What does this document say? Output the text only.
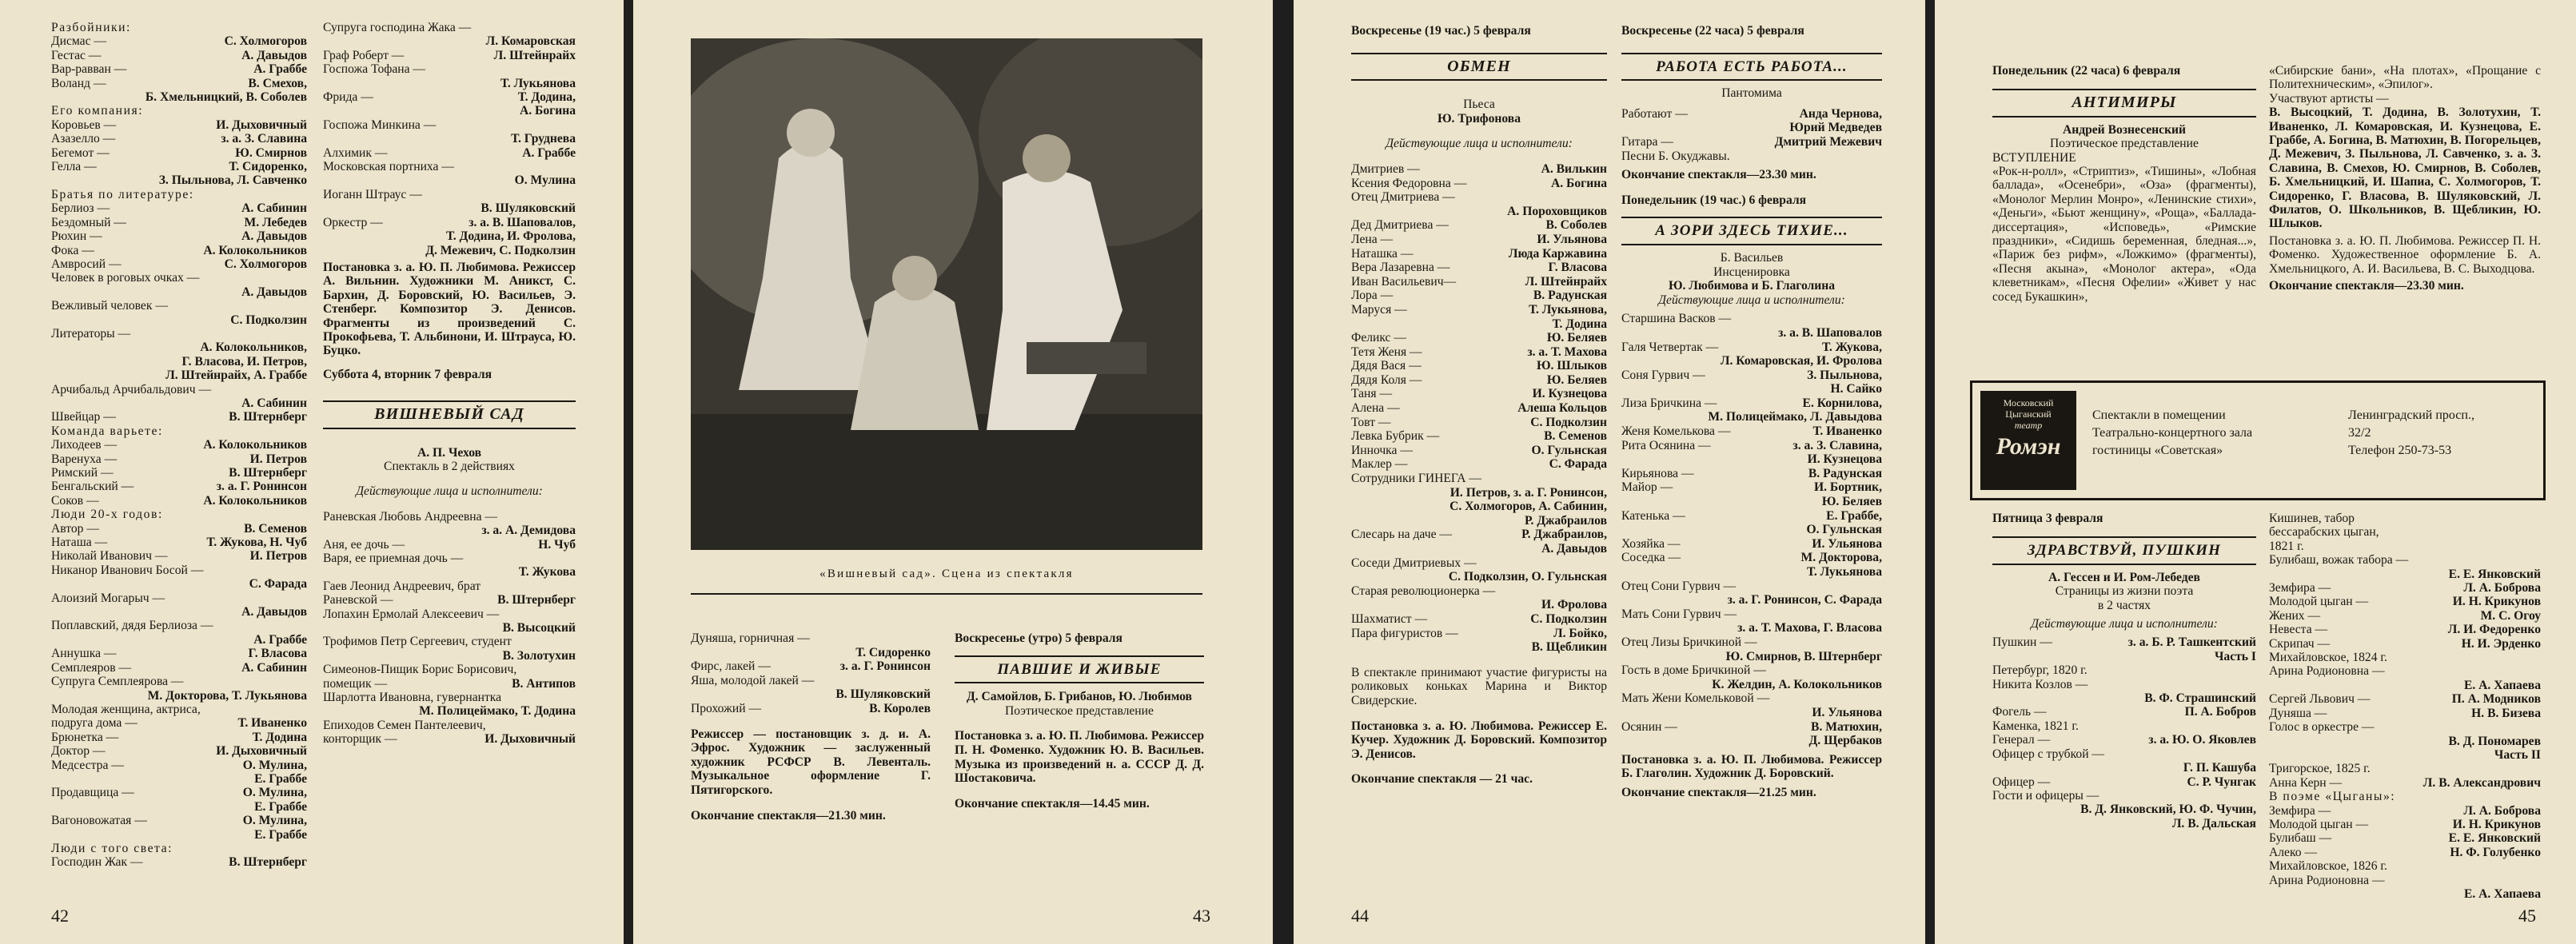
Разбойники:
Дисмас —	С. Холмогоров
Гестас —	А. Давыдов
Вар-равван —	А. Граббе
Воланд —	В. Смехов,
Б. Хмельницкий, В. Соболев
Его компания:
Коровьев —	И. Дыховичный
Азазелло —	з. а. З. Славина
Бегемот —	Ю. Смирнов
Гелла —	Т. Сидоренко,
З. Пыльнова, Л. Савченко
Братья по литературе:
Берлиоз —	А. Сабинин
Бездомный —	М. Лебедев
Рюхин —	А. Давыдов
Фока —	А. Колокольников
Амвросий —	С. Холмогоров
Человек в роговых очках —
А. Давыдов
Вежливый человек —
С. Подколзин
Литераторы —
А. Колокольников,
Г. Власова, И. Петров,
Л. Штейнрайх, А. Граббе
Арчибальд Арчибальдович —
А. Сабинин
Швейцар —	В. Штернберг
Команда варьете:
Лиходеев —	А. Колокольников
Варенуха —	И. Петров
Римский —	В. Штернберг
Бенгальский —	з. а. Г. Ронинсон
Соков —	А. Колокольников
Люди 20-х годов:
Автор —	В. Семенов
Наташа —	Т. Жукова, Н. Чуб
Николай Иванович —	И. Петров
Никанор Иванович Босой —
С. Фарада
Алоизий Могарыч —
А. Давыдов
Поплавский, дядя Берлиоза —
А. Граббе
Аннушка —	Г. Власова
Семплеяров —	А. Сабинин
Супруга Семплеярова —
М. Докторова, Т. Лукьянова
Молодая женщина, актриса,
подруга дома —	Т. Иваненко
Брюнетка —	Т. Додина
Доктор —	И. Дыховичный
Медсестра —	О. Мулина,
Е. Граббе
Продавщица —	О. Мулина,
Е. Граббе
Вагоновожатая —	О. Мулина,
Е. Граббе
Люди с того света:
Господин Жак —	В. Штернберг
Супруга господина Жака —
Л. Комаровская
Граф Роберт —	Л. Штейнрайх
Госпожа Тофана —
Т. Лукьянова
Фрида —	Т. Додина,
А. Богина
Госпожа Минкина —
Т. Груднева
Алхимик —	А. Граббе
Московская портниха —
О. Мулина
Иоганн Штраус —
В. Шуляковский
Оркестр —	з. а. В. Шаповалов,
Т. Додина, И. Фролова,
Д. Межевич, С. Подколзин
Постановка з. а. Ю. П. Любимова. Режиссер А. Вильнин. Художники М. Аникст, С. Бархин, Д. Боровский, Ю. Васильев, Э. Стенберг. Композитор Э. Денисов. Фрагменты из произведений С. Прокофьева, Т. Альбинони, И. Штрауса, Ю. Буцко.
Суббота 4, вторник 7 февраля
ВИШНЕВЫЙ САД
А. П. Чехов
Спектакль в 2 действиях
Действующие лица и исполнители:
Раневская Любовь Андреевна —
з. а. А. Демидова
Аня, ее дочь —	Н. Чуб
Варя, ее приемная дочь —
Т. Жукова
Гаев Леонид Андреевич, брат
Раневской —	В. Штернберг
Лопахин Ермолай Алексеевич —
В. Высоцкий
Трофимов Петр Сергеевич, студент
В. Золотухин
Симеонов-Пищик Борис Борисович,
помещик —	В. Антипов
Шарлотта Ивановна, гувернантка
М. Полицеймако, Т. Додина
Епиходов Семен Пантелеевич,
конторщик —	И. Дыховичный
42
«Вишневый сад». Сцена из спектакля
Дуняша, горничная —
Т. Сидоренко
Фирс, лакей —	з. а. Г. Ронинсон
Яша, молодой лакей —
В. Шуляковский
Прохожий —	В. Королев
Режиссер — постановщик з. д. и. А. Эфрос. Художник — заслуженный художник РСФСР В. Левенталь. Музыкальное оформление Г. Пятигорского.
Окончание спектакля—21.30 мин.
Воскресенье (утро) 5 февраля
ПАВШИЕ И ЖИВЫЕ
Д. Самойлов, Б. Грибанов, Ю. Любимов
Поэтическое представление
Постановка з. а. Ю. П. Любимова. Режиссер П. Н. Фоменко. Художник Ю. В. Васильев. Музыка из произведений н. а. СССР Д. Д. Шостаковича.
Окончание спектакля—14.45 мин.
43
Воскресенье (19 час.) 5 февраля
ОБМЕН
Пьеса
Ю. Трифонова
Действующие лица и исполнители:
Дмитриев —	А. Вилькин
Ксения Федоровна —	А. Богина
Отец Дмитриева —
А. Пороховщиков
Дед Дмитриева —	В. Соболев
Лена —	И. Ульянова
Наташка —	Люда Каржавина
Вера Лазаревна —	Г. Власова
Иван Васильевич—	Л. Штейнрайх
Лора —	В. Радунская
Маруся —	Т. Лукьянова,
Т. Додина
Феликс —	Ю. Беляев
Тетя Женя —	з. а. Т. Махова
Дядя Вася —	Ю. Шлыков
Дядя Коля —	Ю. Беляев
Таня —	И. Кузнецова
Алена —	Алеша Кольцов
Товт —	С. Подколзин
Левка Бубрик —	В. Семенов
Инночка —	О. Гульнская
Маклер —	С. Фарада
Сотрудники ГИНЕГА —
И. Петров, з. а. Г. Ронинсон,
С. Холмогоров, А. Сабинин,
Р. Джабраилов
Слесарь на даче —	Р. Джабраилов,
А. Давыдов
Соседи Дмитриевых —
С. Подколзин, О. Гульнская
Старая революционерка —
И. Фролова
Шахматист —	С. Подколзин
Пара фигуристов —	Л. Бойко,
В. Щебликин
В спектакле принимают участие фигуристы на роликовых коньках Марина и Виктор Свидерские.
Постановка з. а. Ю. Любимова. Режиссер Е. Кучер. Художник Д. Боровский. Композитор Э. Денисов.
Окончание спектакля — 21 час.
Воскресенье (22 часа) 5 февраля
РАБОТА ЕСТЬ РАБОТА...
Пантомима
Работают —	Анда Чернова,
Юрий Медведев
Гитара —	Дмитрий Межевич
Песни Б. Окуджавы.
Окончание спектакля—23.30 мин.
Понедельник (19 час.) 6 февраля
А ЗОРИ ЗДЕСЬ ТИХИЕ...
Б. Васильев
Инсценировка
Ю. Любимова и Б. Глаголина
Действующие лица и исполнители:
Старшина Васков —
з. а. В. Шаповалов
Галя Четвертак —	Т. Жукова,
Л. Комаровская, И. Фролова
Соня Гурвич —	З. Пыльнова,
Н. Сайко
Лиза Бричкина —	Е. Корнилова,
М. Полицеймако, Л. Давыдова
Женя Комелькова —	Т. Иваненко
Рита Осянина —	з. а. З. Славина,
И. Кузнецова
Кирьянова —	В. Радунская
Майор —	И. Бортник,
Ю. Беляев
Катенька —	Е. Граббе,
О. Гульнская
Хозяйка —	И. Ульянова
Соседка —	М. Докторова,
Т. Лукьянова
Отец Сони Гурвич —
з. а. Г. Ронинсон, С. Фарада
Мать Сони Гурвич —
з. а. Т. Махова, Г. Власова
Отец Лизы Бричкиной —
Ю. Смирнов, В. Штернберг
Гость в доме Бричкиной —
К. Желдин, А. Колокольников
Мать Жени Комельковой —
И. Ульянова
Осянин —	В. Матюхин,
Д. Щербаков
Постановка з. а. Ю. П. Любимова. Режиссер Б. Глаголин. Художник Д. Боровский.
Окончание спектакля—21.25 мин.
44
Понедельник (22 часа) 6 февраля
АНТИМИРЫ
Андрей Вознесенский
Поэтическое представление
ВСТУПЛЕНИЕ
«Рок-н-ролл», «Стриптиз», «Тишины», «Лобная баллада», «Осенебри», «Оза» (фрагменты), «Монолог Мерлин Монро», «Ленинские стихи», «Деньги», «Бьют женщину», «Роща», «Баллада-диссертация», «Исповедь», «Римские праздники», «Сидишь беременная, бледная...», «Париж без рифм», «Ложкимо» (фрагменты), «Песня акына», «Монолог актера», «Ода клеветникам», «Песня Офелии» «Живет у нас сосед Букашкин»,
«Сибирские бани», «На плотах», «Прощание с Политехническим», «Эпилог».
Участвуют артисты —
В. Высоцкий, Т. Додина, В. Золотухин, Т. Иваненко, Л. Комаровская, И. Кузнецова, Е. Граббе, А. Богина, В. Матюхин, В. Погорельцев, Д. Межевич, З. Пыльнова, Л. Савченко, з. а. З. Славина, В. Смехов, Ю. Смирнов, В. Соболев, Б. Хмельницкий, И. Шапиа, С. Холмогоров, Т. Сидоренко, Г. Власова, В. Шуляковский, Л. Филатов, О. Школьников, В. Щебликин, Ю. Шлыков.
Постановка з. а. Ю. П. Любимова. Режиссер П. Н. Фоменко. Художественное оформление Б. А. Хмельницкого, А. И. Васильева, В. С. Выходцова.
Окончание спектакля—23.30 мин.
Московский
Цыганский
театр
Ромэн
Спектакли в помещении
Театрально-концертного зала
гостиницы «Советская»
Ленинградский просп.,
32/2
Телефон 250-73-53
Пятница 3 февраля
ЗДРАВСТВУЙ, ПУШКИН
А. Гессен и И. Ром-Лебедев
Страницы из жизни поэта
в 2 частях
Действующие лица и исполнители:
Пушкин —	з. а. Б. Р. Ташкентский
Часть I
Петербург, 1820 г.
Никита Козлов —
В. Ф. Страшинский
Фогель —	П. А. Бобров
Каменка, 1821 г.
Генерал —	з. а. Ю. О. Яковлев
Офицер с трубкой —
Г. П. Кашуба
Офицер —	С. Р. Чунгак
Гости и офицеры —
В. Д. Янковский, Ю. Ф. Чучин,
Л. В. Дальская
Кишинев, табор
бессарабских цыган,
1821 г.
Булибаш, вожак табора —
Е. Е. Янковский
Земфира —	Л. А. Боброва
Молодой цыган —	И. Н. Крикунов
Жених —	М. С. Огоу
Невеста —	Л. И. Федоренко
Скрипач —	Н. И. Эрденко
Михайловское, 1824 г.
Арина Родионовна —
Е. А. Хапаева
Сергей Львович —	П. А. Модников
Дуняша —	Н. В. Бизева
Голос в оркестре —
В. Д. Пономарев
Часть II
Тригорское, 1825 г.
Анна Керн —	Л. В. Александрович
В поэме «Цыганы»:
Земфира —	Л. А. Боброва
Молодой цыган —	И. Н. Крикунов
Булибаш —	Е. Е. Янковский
Алеко —	Н. Ф. Голубенко
Михайловское, 1826 г.
Арина Родионовна —
Е. А. Хапаева
45
